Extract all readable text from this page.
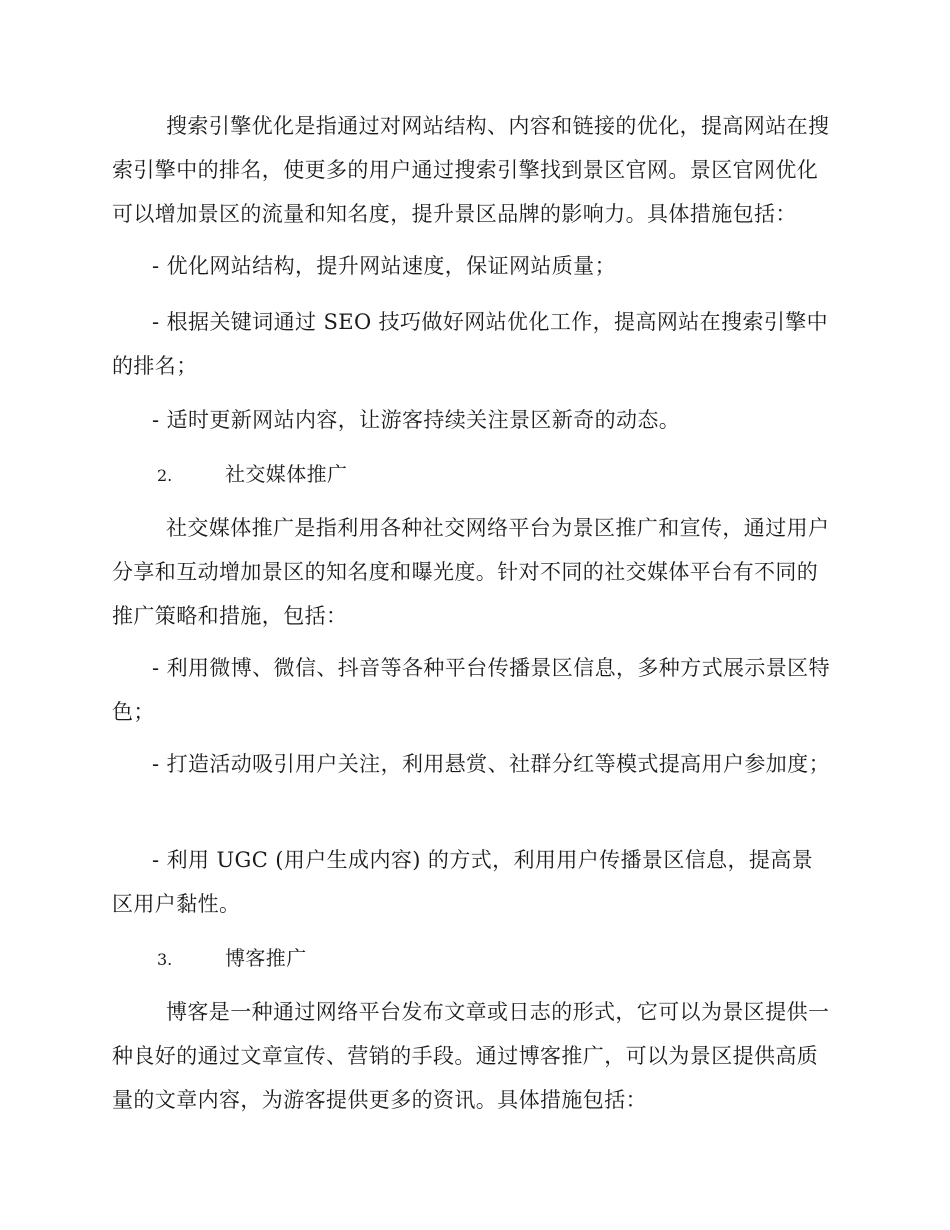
搜索引擎优化是指通过对网站结构、内容和链接的优化，提高网站在搜索引擎中的排名，使更多的用户通过搜索引擎找到景区官网。景区官网优化可以增加景区的流量和知名度，提升景区品牌的影响力。具体措施包括：

- 优化网站结构，提升网站速度，保证网站质量；

- 根据关键词通过 SEO 技巧做好网站优化工作，提高网站在搜索引擎中的排名；

- 适时更新网站内容，让游客持续关注景区新奇的动态。

2.	社交媒体推广

社交媒体推广是指利用各种社交网络平台为景区推广和宣传，通过用户分享和互动增加景区的知名度和曝光度。针对不同的社交媒体平台有不同的推广策略和措施，包括：

- 利用微博、微信、抖音等各种平台传播景区信息，多种方式展示景区特色；

- 打造活动吸引用户关注，利用悬赏、社群分红等模式提高用户参加度；

- 利用 UGC (用户生成内容) 的方式，利用用户传播景区信息，提高景区用户黏性。

3.	博客推广

博客是一种通过网络平台发布文章或日志的形式，它可以为景区提供一种良好的通过文章宣传、营销的手段。通过博客推广，可以为景区提供高质量的文章内容，为游客提供更多的资讯。具体措施包括：
